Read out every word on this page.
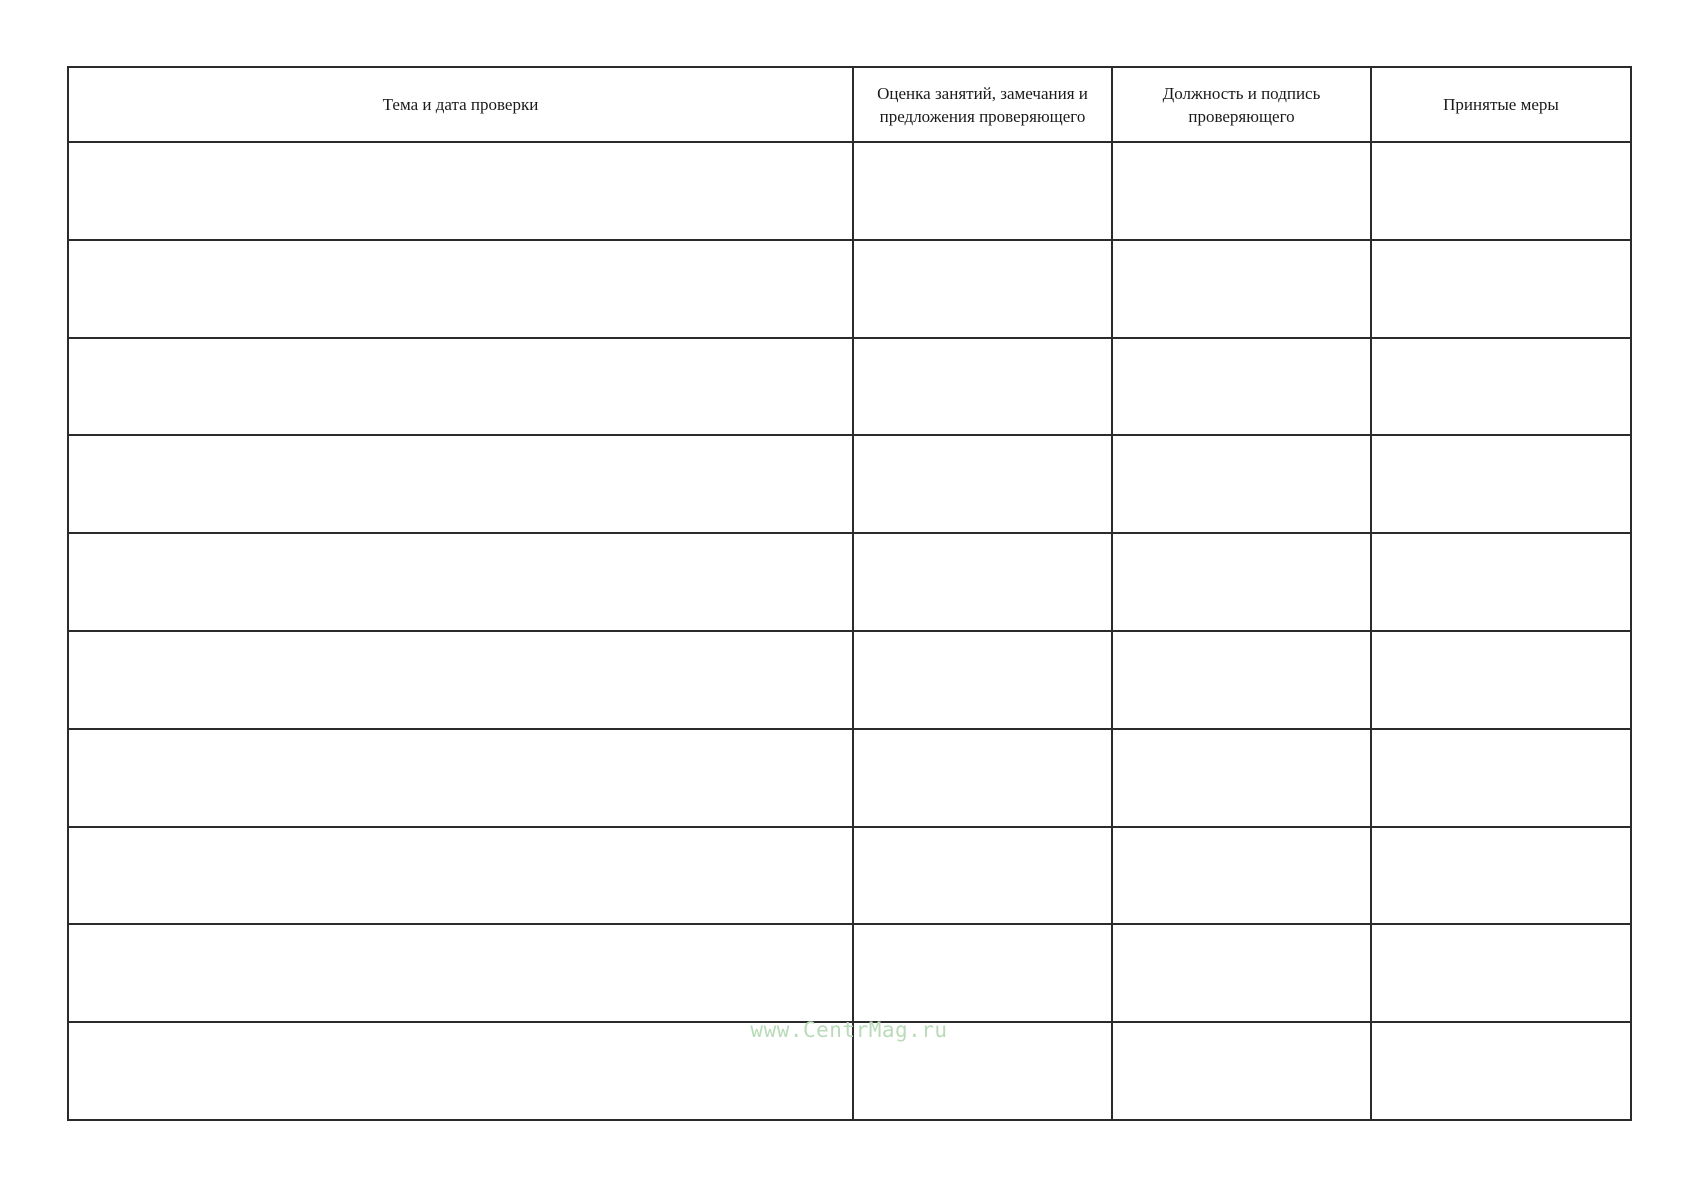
Тема и дата проверки	Оценка занятий, замечания и предложения проверяющего	Должность и подпись проверяющего	Принятые меры

www.CentrMag.ru
